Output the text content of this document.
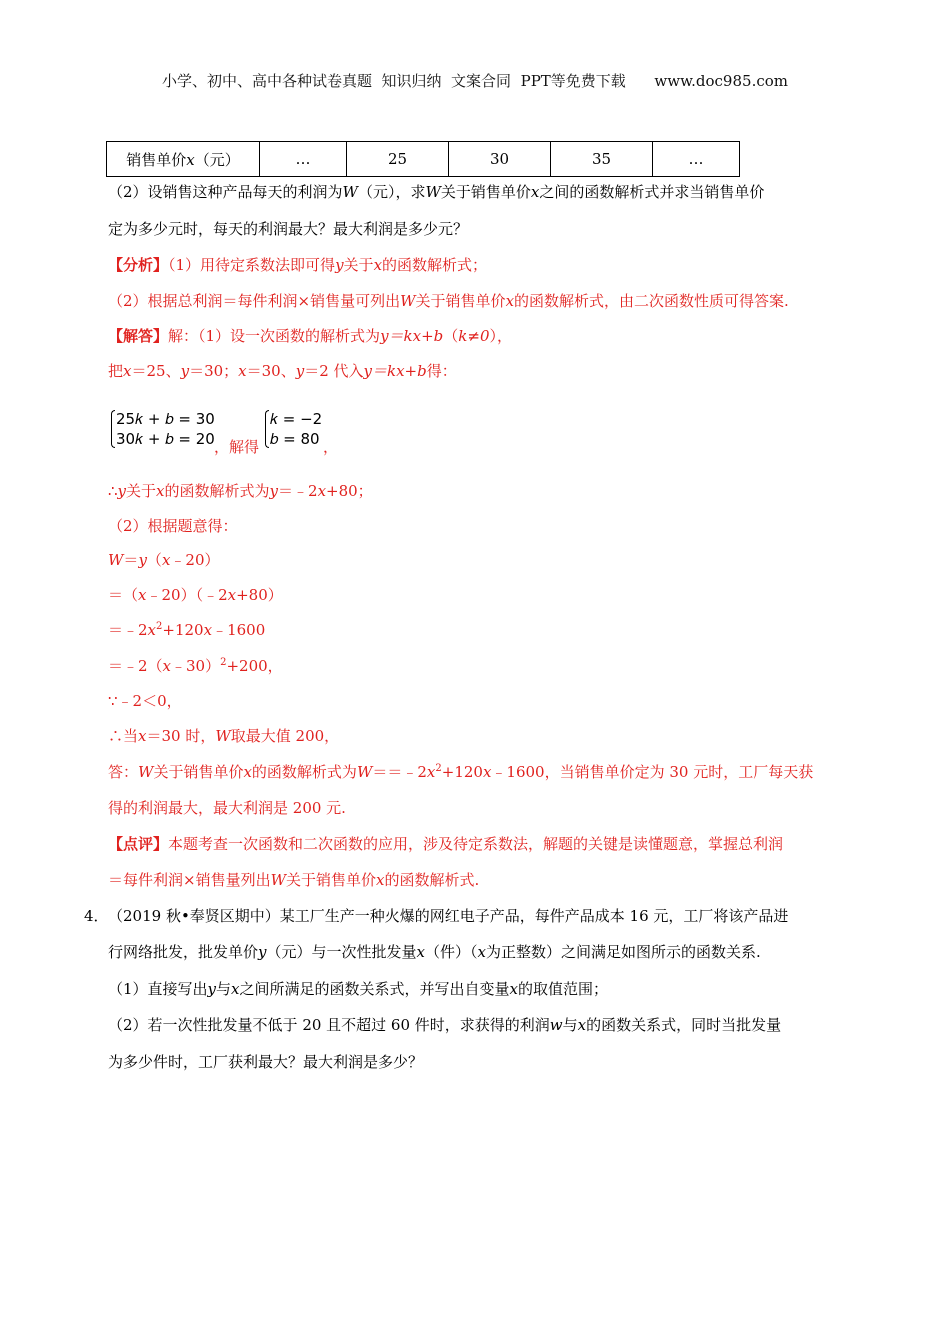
小学、初中、高中各种试卷真题  知识归纳  文案合同  PPT等免费下载      www.doc985.com
销售单价x（元）	…	25	30	35	…
（2）设销售这种产品每天的利润为W（元），求W关于销售单价x之间的函数解析式并求当销售单价
定为多少元时，每天的利润最大？最大利润是多少元？
【分析】（1）用待定系数法即可得y关于x的函数解析式；
（2）根据总利润＝每件利润×销售量可列出W关于销售单价x的函数解析式，由二次函数性质可得答案.
【解答】解：（1）设一次函数的解析式为y＝kx+b（k≠0），
把x＝25、y＝30；x＝30、y＝2 代入y＝kx+b得：
25𝑘 + 𝑏 = 30
30𝑘 + 𝑏 = 20 ，解得
𝑘 = −2
𝑏 = 80 ，
∴y关于x的函数解析式为y＝﹣2x+80；
（2）根据题意得：
W＝y（x﹣20）
＝（x﹣20）（﹣2x+80）
$=﹣2x^2+120x﹣1600$
＝﹣2（x﹣30）$^2$+200，
∵﹣2＜0，
∴当x＝30 时，W取最大值 200，
答：W关于销售单价x的函数解析式为$W==﹣2x^2+120x﹣1600$，当销售单价定为 30 元时，工厂每天获
得的利润最大，最大利润是 200 元.
【点评】本题考查一次函数和二次函数的应用，涉及待定系数法，解题的关键是读懂题意，掌握总利润
＝每件利润×销售量列出W关于销售单价x的函数解析式.
4．（2019 秋•奉贤区期中）某工厂生产一种火爆的网红电子产品，每件产品成本 16 元，工厂将该产品进
行网络批发，批发单价y（元）与一次性批发量x（件）（x为正整数）之间满足如图所示的函数关系.
（1）直接写出y与x之间所满足的函数关系式，并写出自变量x的取值范围；
（2）若一次性批发量不低于 20 且不超过 60 件时，求获得的利润w与x的函数关系式，同时当批发量
为多少件时，工厂获利最大？最大利润是多少？
